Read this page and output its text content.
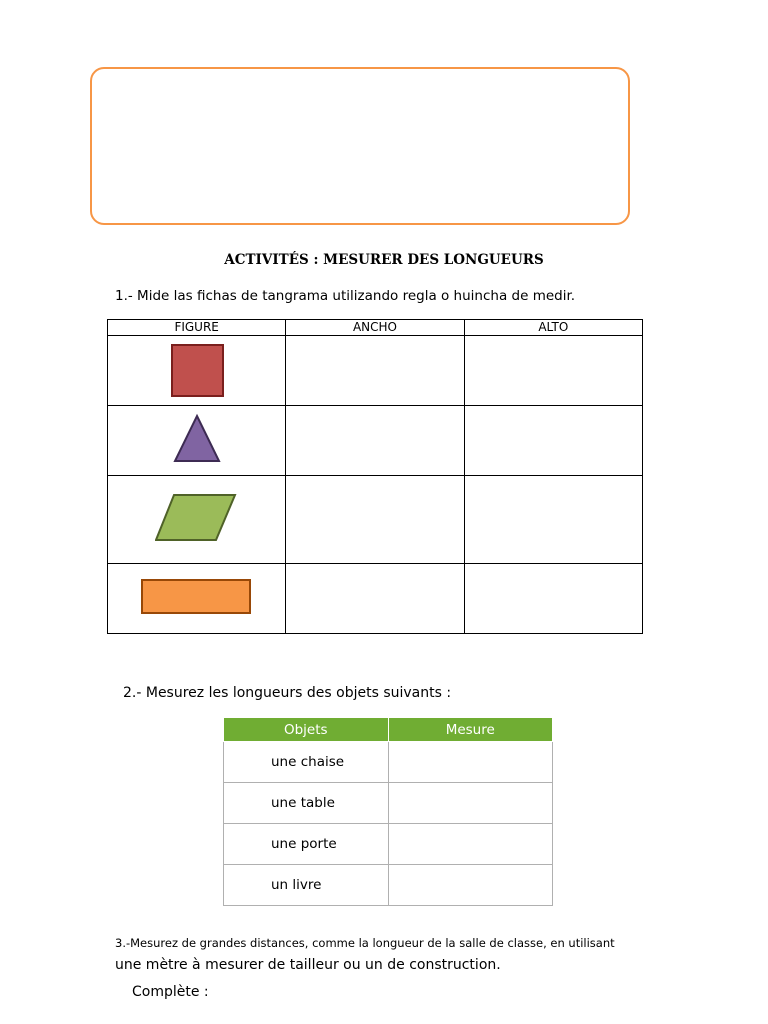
ACTIVITÉS : MESURER DES LONGUEURS
1.- Mide las fichas de tangrama utilizando regla o huincha de medir.
FIGURE	ANCHO	ALTO

2.- Mesurez les longueurs des objets suivants :
Objets	Mesure
une chaise	
une table	
une porte	
un livre	
3.-Mesurez de grandes distances, comme la longueur de la salle de classe, en utilisant
une mètre à mesurer de tailleur ou un de construction.
Complète :
